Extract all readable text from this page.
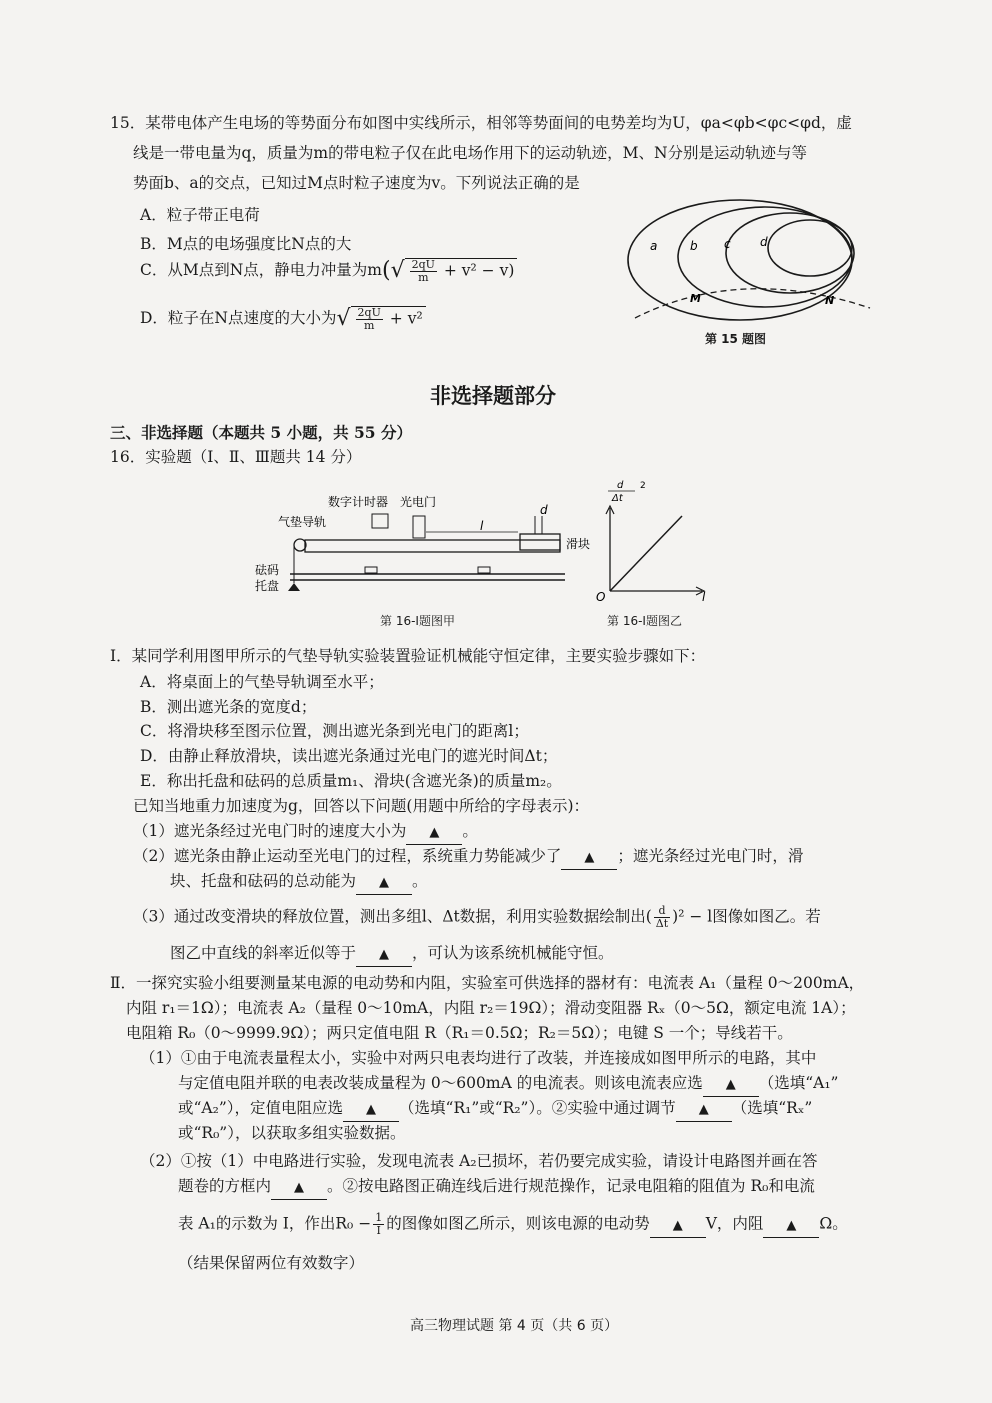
15．某带电体产生电场的等势面分布如图中实线所示，相邻等势面间的电势差均为U，φa<φb<φc<φd，虚
线是一带电量为q，质量为m的带电粒子仅在此电场作用下的运动轨迹，M、N分别是运动轨迹与等
势面b、a的交点，已知过M点时粒子速度为v。下列说法正确的是
A．粒子带正电荷
B．M点的电场强度比N点的大
C．从M点到N点，静电力冲量为$m(√ \frac{2qU}{m} + v^2 - v)$
D．粒子在N点速度的大小为√ $\frac{2qU}{m} + v^2$
a	b c d
M	N
第 15 题图
非选择题部分
三、非选择题（本题共 5 小题，共 55 分）
16．实验题（Ⅰ、Ⅱ、Ⅲ题共 14 分）
数字计时器 光电门
气垫导轨	l
d
滑块
砝码
托盘
第 16-Ⅰ题图甲
d
Δt
2
O	l
第 16-Ⅰ题图乙
Ⅰ．某同学利用图甲所示的气垫导轨实验装置验证机械能守恒定律，主要实验步骤如下：
A．将桌面上的气垫导轨调至水平；
B．测出遮光条的宽度d；
C．将滑块移至图示位置，测出遮光条到光电门的距离l；
D．由静止释放滑块，读出遮光条通过光电门的遮光时间Δt；
E．称出托盘和砝码的总质量m₁、滑块(含遮光条)的质量m₂。
已知当地重力加速度为g，回答以下问题(用题中所给的字母表示)：
（1）遮光条经过光电门时的速度大小为 ▲ 。
（2）遮光条由静止运动至光电门的过程，系统重力势能减少了 ▲ ；遮光条经过光电门时，滑
块、托盘和砝码的总动能为 ▲ 。
（3）通过改变滑块的释放位置，测出多组l、Δt数据，利用实验数据绘制出( $\frac{d}{\Delta t} )^2 - l$图像如图乙。若
图乙中直线的斜率近似等于 ▲ ，可认为该系统机械能守恒。
Ⅱ．一探究实验小组要测量某电源的电动势和内阻，实验室可供选择的器材有：电流表 A₁（量程 0～200mA，
内阻 r₁＝1Ω）；电流表 A₂（量程 0～10mA，内阻 r₂＝19Ω）；滑动变阻器 Rₓ（0～5Ω，额定电流 1A）；
电阻箱 R₀（0～9999.9Ω）；两只定值电阻 R（R₁＝0.5Ω；R₂＝5Ω）；电键 S 一个；导线若干。
（1）①由于电流表量程太小，实验中对两只电表均进行了改装，并连接成如图甲所示的电路，其中
与定值电阻并联的电表改装成量程为 0～600mA 的电流表。则该电流表应选 ▲ （选填“A₁”
或“A₂”），定值电阻应选 ▲ （选填“R₁”或“R₂”）。②实验中通过调节 ▲ （选填“Rₓ”
或“R₀”），以获取多组实验数据。
（2）①按（1）中电路进行实验，发现电流表 A₂已损坏，若仍要完成实验，请设计电路图并画在答
题卷的方框内 ▲ 。②按电路图正确连线后进行规范操作，记录电阻箱的阻值为 R₀和电流
表 A₁的示数为 I，作出$R_0 - \frac{1}{I}$ 的图像如图乙所示，则该电源的电动势 ▲ V，内阻 ▲ Ω。
（结果保留两位有效数字）
高三物理试题 第 4 页（共 6 页）
